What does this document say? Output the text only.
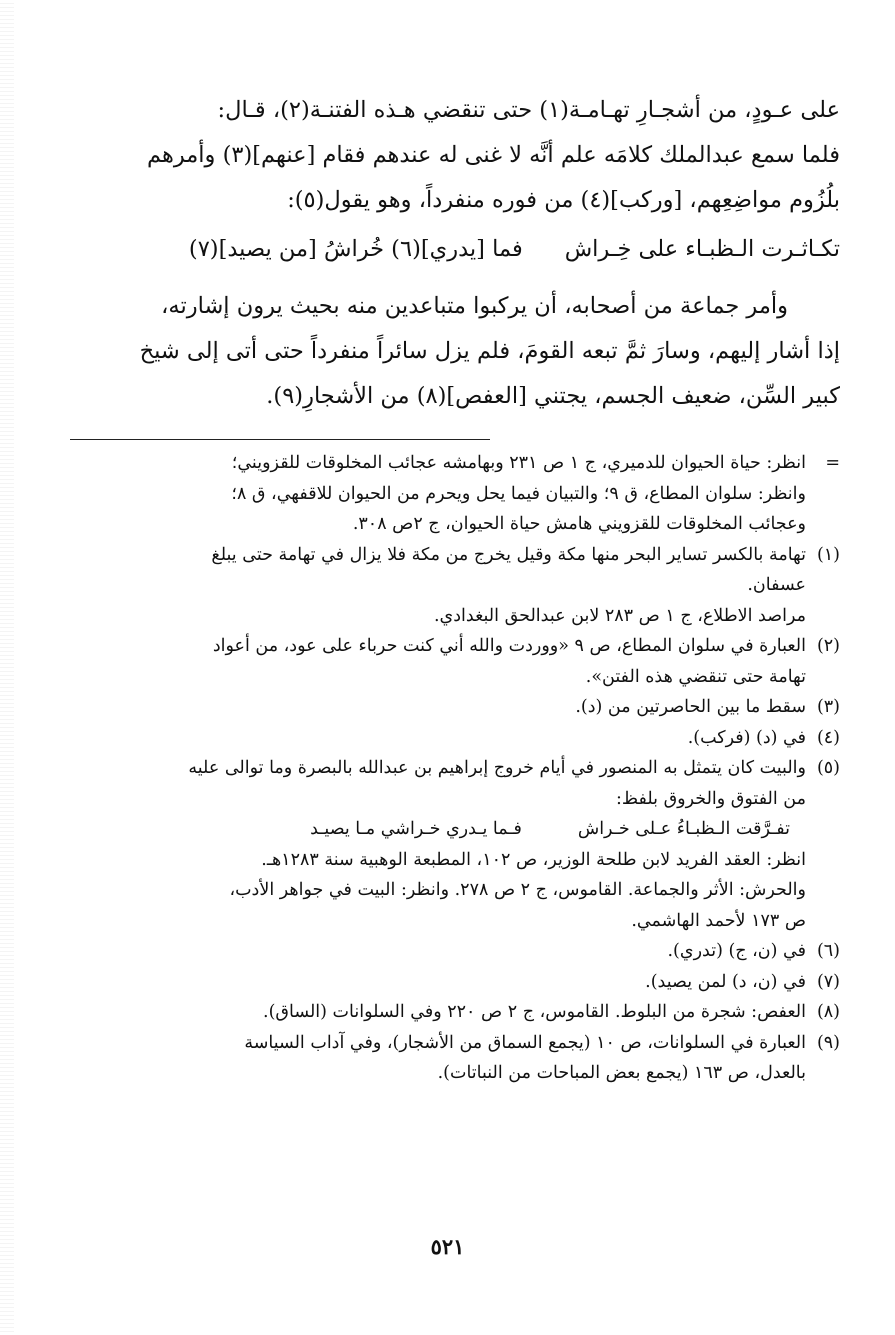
على عـودٍ، من أشجـارِ تهـامـة(١) حتى تنقضي هـذه الفتنـة(٢)، قـال:

فلما سمع عبدالملك كلامَه علم أنَّه لا غنى له عندهم فقام [عنهم](٣) وأمرهم

بلُزُوم مواضِعِهم، [وركب](٤) من فوره منفرداً، وهو يقول(٥):

تكـاثـرت الـظبـاء على خِـراش
فما [يدري](٦) خُراشُ [من يصيد](٧)

وأمر جماعة من أصحابه، أن يركبوا متباعدين منه بحيث يرون إشارته،

إذا أشار إليهم، وسارَ ثمَّ تبعه القومَ، فلم يزل سائراً منفرداً حتى أتى إلى شيخ

كبير السِّن، ضعيف الجسم، يجتني [العفص](٨) من الأشجارِ(٩).

=
انظر: حياة الحيوان للدميري، ج ١ ص ٢٣١ وبهامشه عجائب المخلوقات للقزويني؛
وانظر: سلوان المطاع، ق ٩؛ والتبيان فيما يحل ويحرم من الحيوان للاقفهي، ق ٨؛
وعجائب المخلوقات للقزويني هامش حياة الحيوان، ج ٢ص ٣٠٨.
(١)
تهامة بالكسر تساير البحر منها مكة وقيل يخرج من مكة فلا يزال في تهامة حتى يبلغ
عسفان.
مراصد الاطلاع، ج ١ ص ٢٨٣ لابن عبدالحق البغدادي.
(٢)
العبارة في سلوان المطاع، ص ٩ «ووردت والله أني كنت حرباء على عود، من أعواد
تهامة حتى تنقضي هذه الفتن».
(٣)
سقط ما بين الحاصرتين من (د).
(٤)
في (د) (فركب).
(٥)
والبيت كان يتمثل به المنصور في أيام خروج إبراهيم بن عبدالله بالبصرة وما توالى عليه
من الفتوق والخروق بلفظ:
تفـرَّقت الـظبـاءُ عـلى خـراش
فـما يـدري خـراشي مـا يصيـد
انظر: العقد الفريد لابن طلحة الوزير، ص ١٠٢، المطبعة الوهبية سنة ١٢٨٣هـ.
والحرش: الأثر والجماعة. القاموس، ج ٢ ص ٢٧٨. وانظر: البيت في جواهر الأدب،
ص ١٧٣ لأحمد الهاشمي.
(٦)
في (ن، ج) (تدري).
(٧)
في (ن، د) لمن يصيد).
(٨)
العفص: شجرة من البلوط. القاموس، ج ٢ ص ٢٢٠ وفي السلوانات (الساق).
(٩)
العبارة في السلوانات، ص ١٠ (يجمع السماق من الأشجار)، وفي آداب السياسة
بالعدل، ص ١٦٣ (يجمع بعض المباحات من النباتات).
٥٢١
